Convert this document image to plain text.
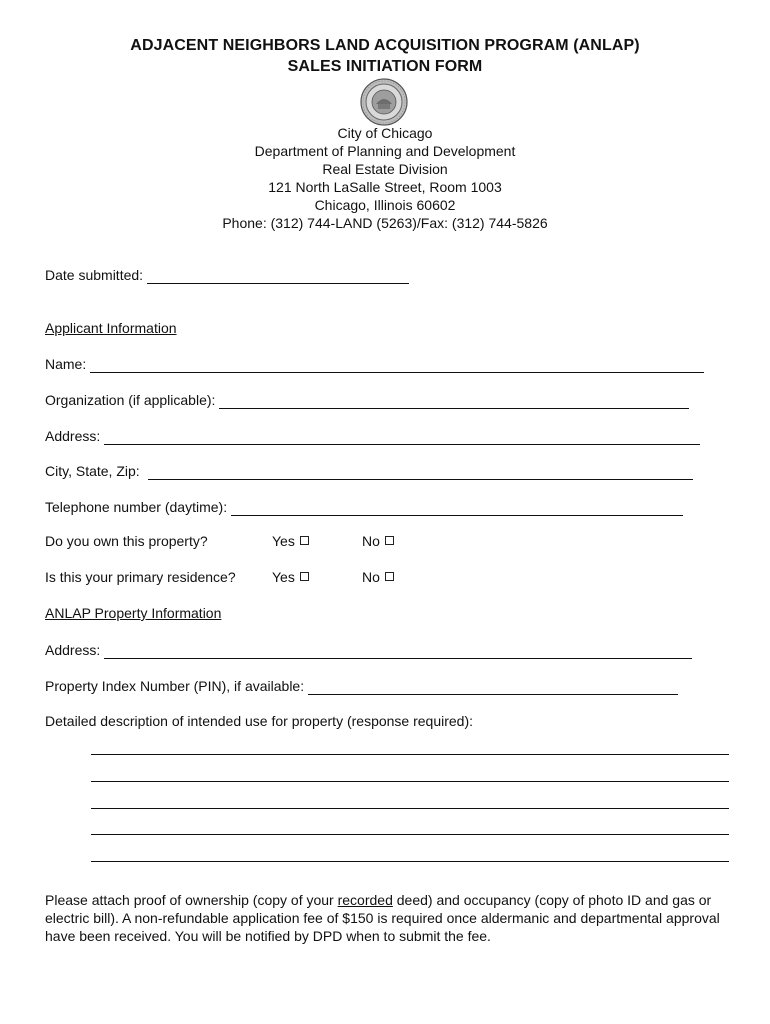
ADJACENT NEIGHBORS LAND ACQUISITION PROGRAM (ANLAP)
SALES INITIATION FORM
City of Chicago
Department of Planning and Development
Real Estate Division
121 North LaSalle Street, Room 1003
Chicago, Illinois 60602
Phone: (312) 744-LAND (5263)/Fax: (312) 744-5826
Date submitted:
Applicant Information
Name:
Organization (if applicable):
Address:
City, State, Zip:
Telephone number (daytime):
Do you own this property?	Yes	No
Is this your primary residence?	Yes	No
ANLAP Property Information
Address:
Property Index Number (PIN), if available:
Detailed description of intended use for property (response required):
Please attach proof of ownership (copy of your recorded deed) and occupancy (copy of photo ID and gas or electric bill). A non-refundable application fee of $150 is required once aldermanic and departmental approval have been received. You will be notified by DPD when to submit the fee.
